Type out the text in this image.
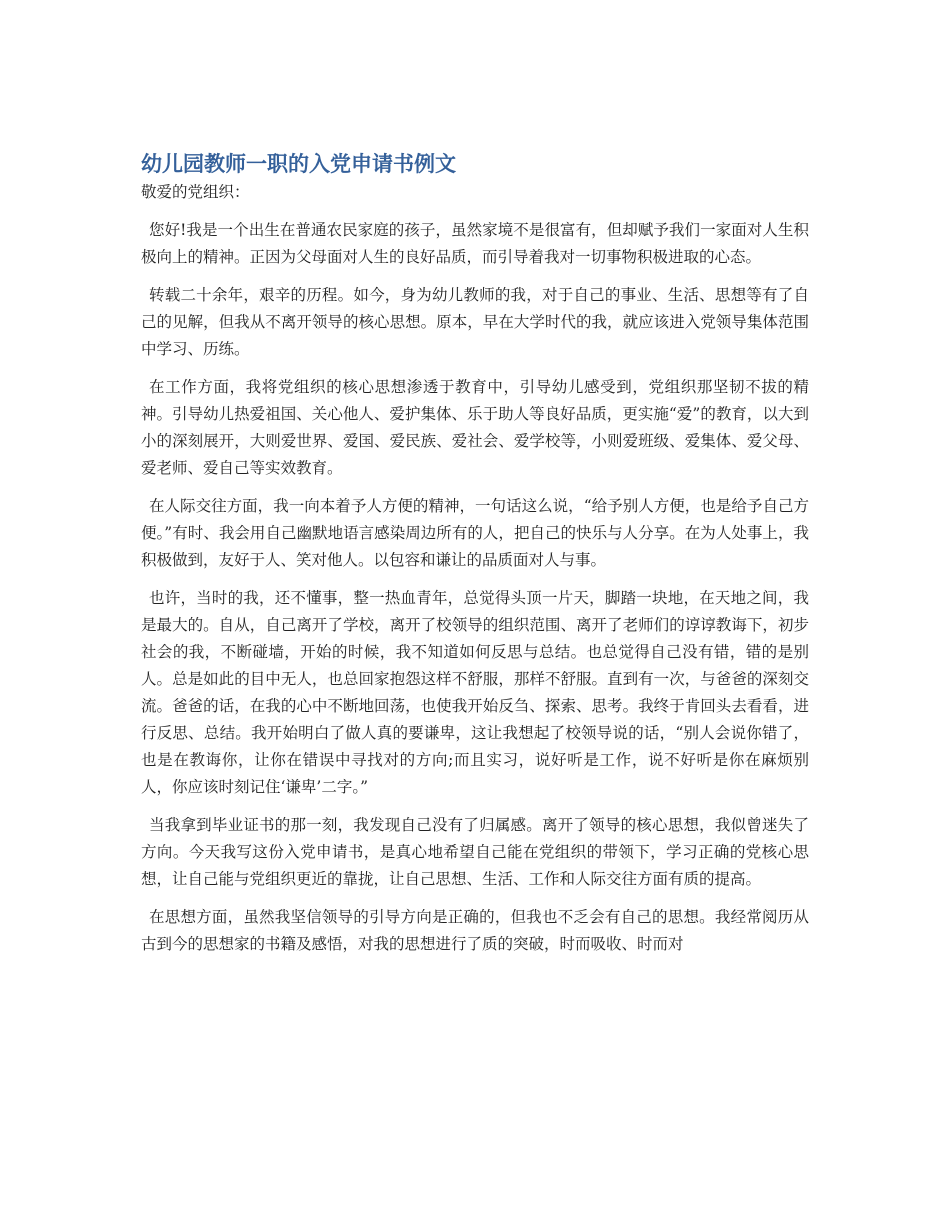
幼儿园教师一职的入党申请书例文

敬爱的党组织：

您好!我是一个出生在普通农民家庭的孩子，虽然家境不是很富有，但却赋予我们一家面对人生积极向上的精神。正因为父母面对人生的良好品质，而引导着我对一切事物积极进取的心态。

转载二十余年，艰辛的历程。如今，身为幼儿教师的我，对于自己的事业、生活、思想等有了自己的见解，但我从不离开领导的核心思想。原本，早在大学时代的我，就应该进入党领导集体范围中学习、历练。

在工作方面，我将党组织的核心思想渗透于教育中，引导幼儿感受到，党组织那坚韧不拔的精神。引导幼儿热爱祖国、关心他人、爱护集体、乐于助人等良好品质，更实施“爱”的教育，以大到小的深刻展开，大则爱世界、爱国、爱民族、爱社会、爱学校等，小则爱班级、爱集体、爱父母、爱老师、爱自己等实效教育。

在人际交往方面，我一向本着予人方便的精神，一句话这么说，“给予别人方便，也是给予自己方便。”有时、我会用自己幽默地语言感染周边所有的人，把自己的快乐与人分享。在为人处事上，我积极做到，友好于人、笑对他人。以包容和谦让的品质面对人与事。

也许，当时的我，还不懂事，整一热血青年，总觉得头顶一片天，脚踏一块地，在天地之间，我是最大的。自从，自己离开了学校，离开了校领导的组织范围、离开了老师们的谆谆教诲下，初步社会的我，不断碰墙，开始的时候，我不知道如何反思与总结。也总觉得自己没有错，错的是别人。总是如此的目中无人，也总回家抱怨这样不舒服，那样不舒服。直到有一次，与爸爸的深刻交流。爸爸的话，在我的心中不断地回荡，也使我开始反刍、探索、思考。我终于肯回头去看看，进行反思、总结。我开始明白了做人真的要谦卑，这让我想起了校领导说的话，“别人会说你错了，也是在教诲你，让你在错误中寻找对的方向;而且实习，说好听是工作，说不好听是你在麻烦别人，你应该时刻记住‘谦卑’二字。”

当我拿到毕业证书的那一刻，我发现自己没有了归属感。离开了领导的核心思想，我似曾迷失了方向。今天我写这份入党申请书，是真心地希望自己能在党组织的带领下，学习正确的党核心思想，让自己能与党组织更近的靠拢，让自己思想、生活、工作和人际交往方面有质的提高。

在思想方面，虽然我坚信领导的引导方向是正确的，但我也不乏会有自己的思想。我经常阅历从古到今的思想家的书籍及感悟，对我的思想进行了质的突破，时而吸收、时而对
